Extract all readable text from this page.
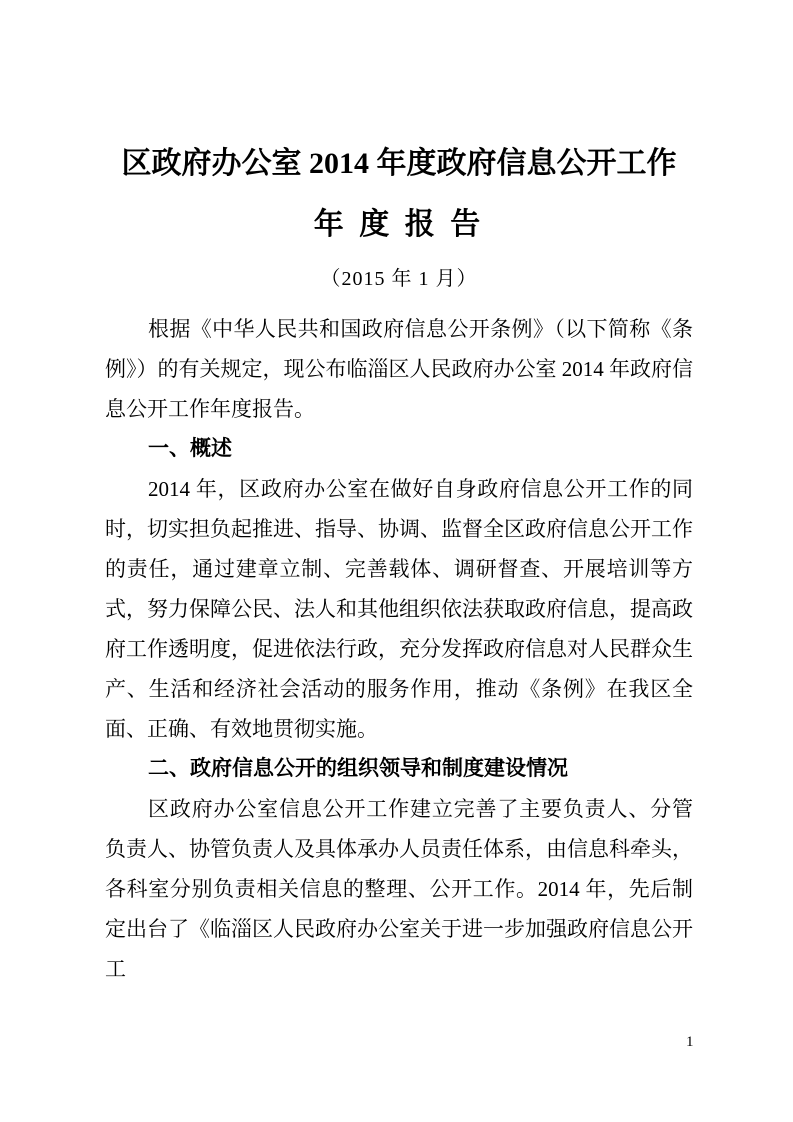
区政府办公室 2014 年度政府信息公开工作
年 度 报 告
（2015 年 1 月）

根据《中华人民共和国政府信息公开条例》（以下简称《条例》）的有关规定，现公布临淄区人民政府办公室 2014 年政府信息公开工作年度报告。

一、概述

2014 年，区政府办公室在做好自身政府信息公开工作的同时，切实担负起推进、指导、协调、监督全区政府信息公开工作的责任，通过建章立制、完善载体、调研督查、开展培训等方式，努力保障公民、法人和其他组织依法获取政府信息，提高政府工作透明度，促进依法行政，充分发挥政府信息对人民群众生产、生活和经济社会活动的服务作用，推动《条例》在我区全面、正确、有效地贯彻实施。

二、政府信息公开的组织领导和制度建设情况

区政府办公室信息公开工作建立完善了主要负责人、分管负责人、协管负责人及具体承办人员责任体系，由信息科牵头，各科室分别负责相关信息的整理、公开工作。2014 年，先后制定出台了《临淄区人民政府办公室关于进一步加强政府信息公开工

1
